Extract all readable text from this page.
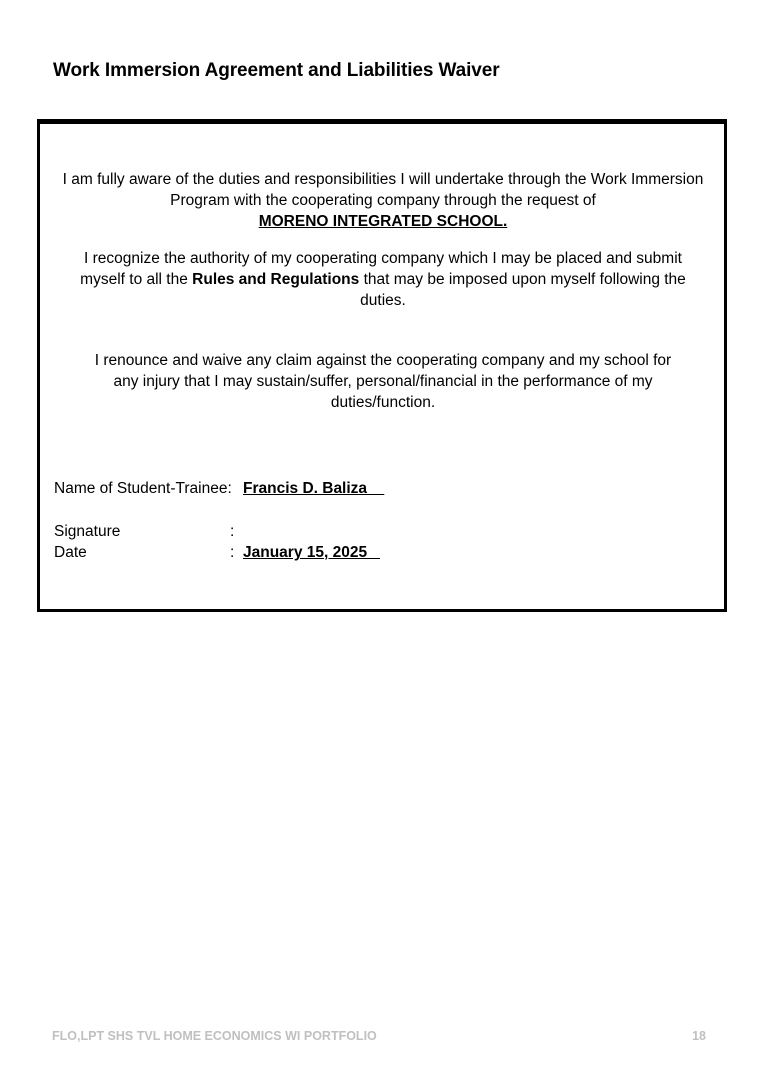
Work Immersion Agreement and Liabilities Waiver
I am fully aware of the duties and responsibilities I will undertake through the Work Immersion Program with the cooperating company through the request of
MORENO INTEGRATED SCHOOL.
I recognize the authority of my cooperating company which I may be placed and submit myself to all the Rules and Regulations that may be imposed upon myself following the duties.
I renounce and waive any claim against the cooperating company and my school for any injury that I may sustain/suffer, personal/financial in the performance of my duties/function.
Name of Student-Trainee: Francis D. Baliza
Signature	:
Date	: January 15, 2025
FLO,LPT SHS TVL HOME ECONOMICS WI PORTFOLIO	18
